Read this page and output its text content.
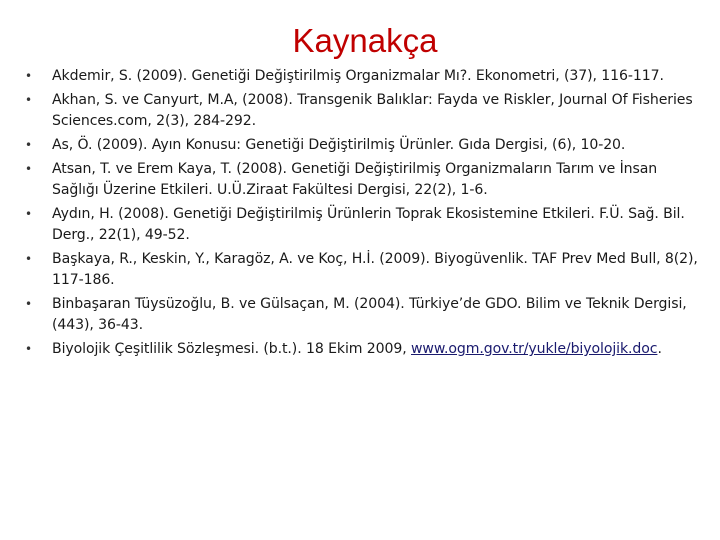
Kaynakça
• Akdemir, S. (2009). Genetiği Değiştirilmiş Organizmalar Mı?. Ekonometri, (37), 116-117.
• Akhan, S. ve Canyurt, M.A, (2008). Transgenik Balıklar: Fayda ve Riskler, Journal Of Fisheries Sciences.com, 2(3), 284-292.
• As, Ö. (2009). Ayın Konusu: Genetiği Değiştirilmiş Ürünler. Gıda Dergisi, (6), 10-20.
• Atsan, T. ve Erem Kaya, T. (2008). Genetiği Değiştirilmiş Organizmaların Tarım ve İnsan Sağlığı Üzerine Etkileri. U.Ü.Ziraat Fakültesi Dergisi, 22(2), 1-6.
• Aydın, H. (2008). Genetiği Değiştirilmiş Ürünlerin Toprak Ekosistemine Etkileri. F.Ü. Sağ. Bil. Derg., 22(1), 49-52.
• Başkaya, R., Keskin, Y., Karagöz, A. ve Koç, H.İ. (2009). Biyogüvenlik. TAF Prev Med Bull, 8(2), 117-186.
• Binbaşaran Tüysüzoğlu, B. ve Gülsaçan, M. (2004). Türkiye’de GDO. Bilim ve Teknik Dergisi, (443), 36-43.
• Biyolojik Çeşitlilik Sözleşmesi. (b.t.). 18 Ekim 2009, www.ogm.gov.tr/yukle/biyolojik.doc.
